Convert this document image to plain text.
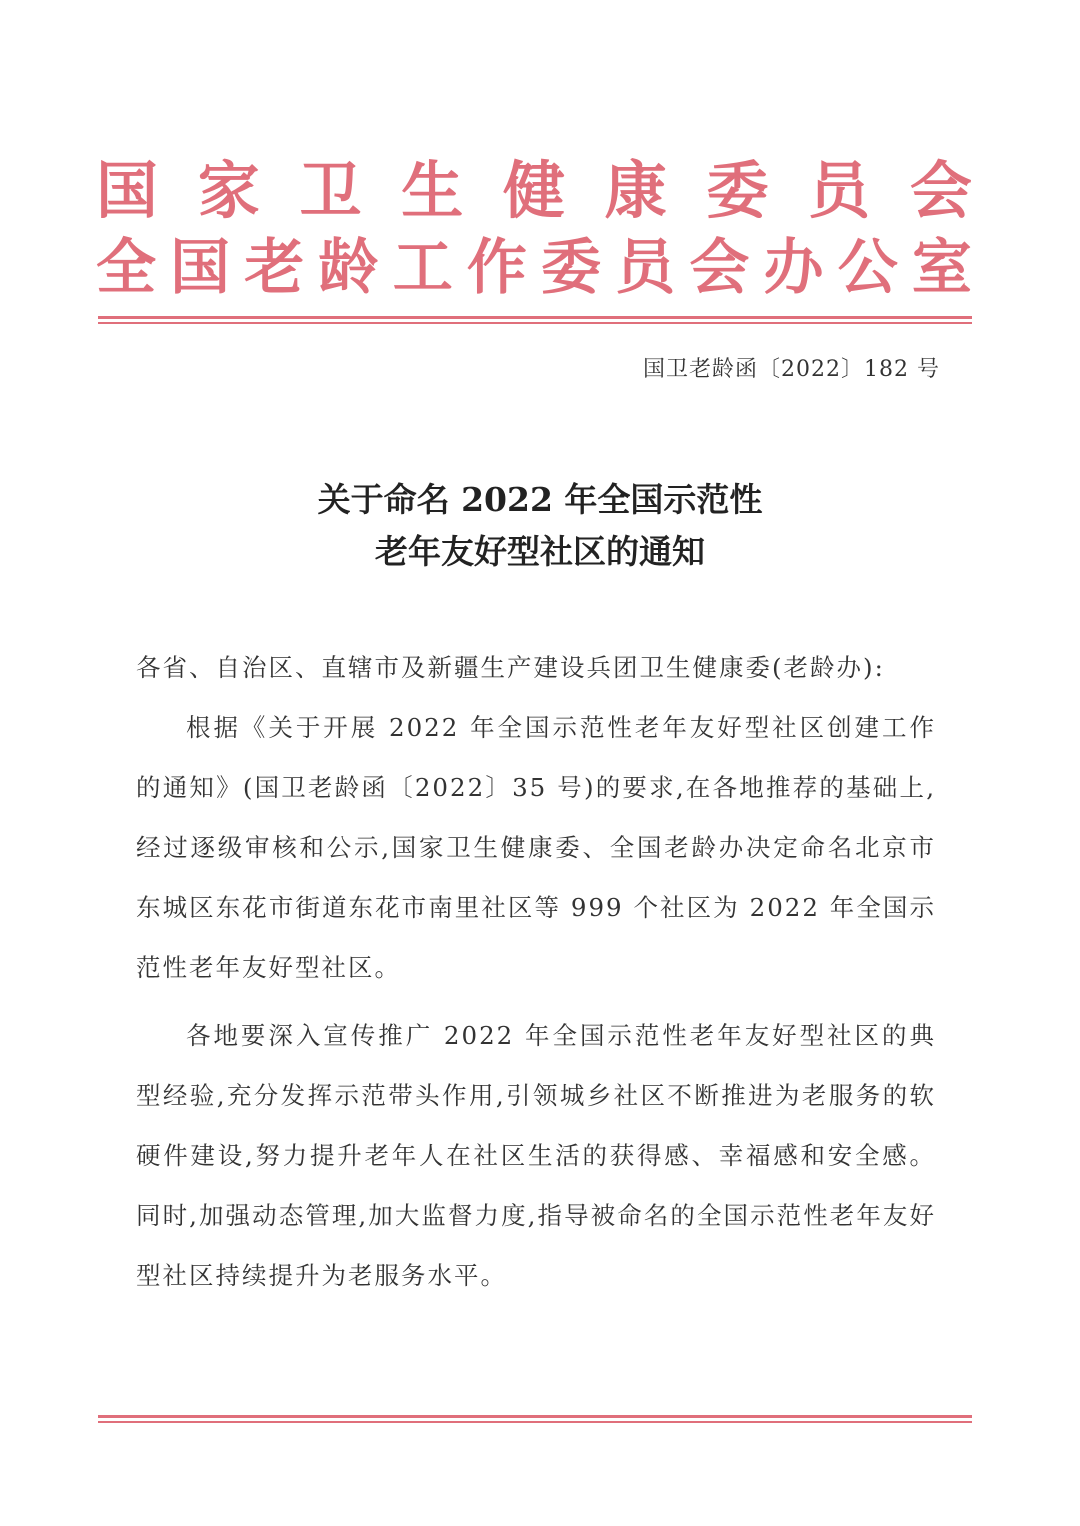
国 家 卫 生 健 康 委 员 会
全 国 老 龄 工 作 委 员 会 办 公 室
国卫老龄函〔2022〕182 号
关于命名 2022 年全国示范性
老年友好型社区的通知

各省、自治区、直辖市及新疆生产建设兵团卫生健康委(老龄办):

根据《关于开展 2022 年全国示范性老年友好型社区创建工作的通知》(国卫老龄函〔2022〕35 号)的要求,在各地推荐的基础上,经过逐级审核和公示,国家卫生健康委、全国老龄办决定命名北京市东城区东花市街道东花市南里社区等 999 个社区为 2022 年全国示范性老年友好型社区。

各地要深入宣传推广 2022 年全国示范性老年友好型社区的典型经验,充分发挥示范带头作用,引领城乡社区不断推进为老服务的软硬件建设,努力提升老年人在社区生活的获得感、幸福感和安全感。同时,加强动态管理,加大监督力度,指导被命名的全国示范性老年友好型社区持续提升为老服务水平。
